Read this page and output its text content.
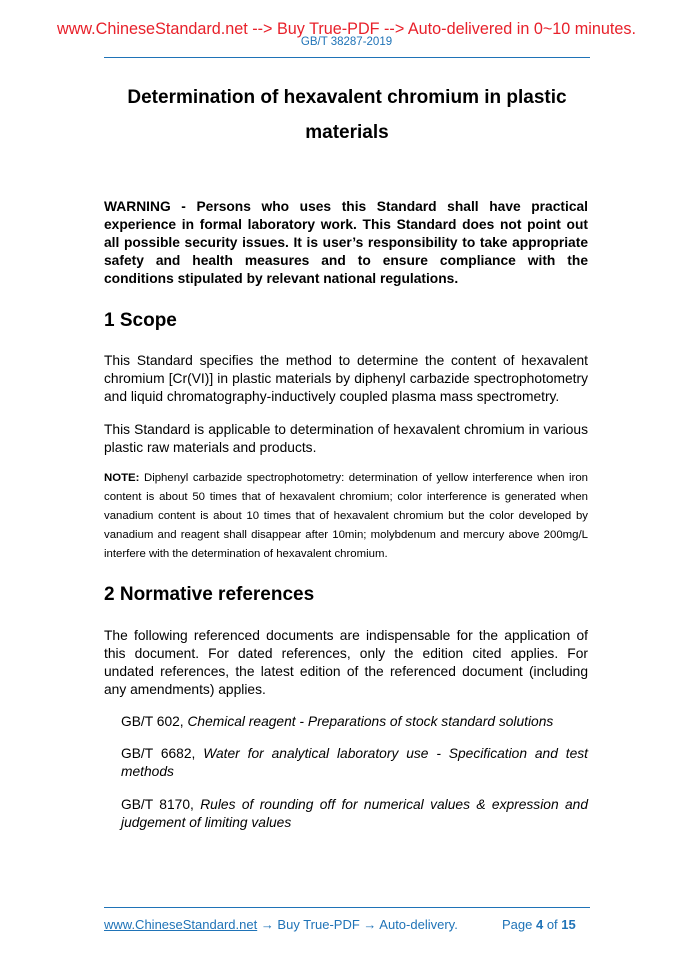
www.ChineseStandard.net --> Buy True-PDF --> Auto-delivered in 0~10 minutes.
GB/T 38287-2019
Determination of hexavalent chromium in plastic
materials
WARNING - Persons who uses this Standard shall have practical experience in formal laboratory work. This Standard does not point out all possible security issues. It is user’s responsibility to take appropriate safety and health measures and to ensure compliance with the conditions stipulated by relevant national regulations.
1 Scope
This Standard specifies the method to determine the content of hexavalent chromium [Cr(VI)] in plastic materials by diphenyl carbazide spectrophotometry and liquid chromatography-inductively coupled plasma mass spectrometry.
This Standard is applicable to determination of hexavalent chromium in various plastic raw materials and products.
NOTE: Diphenyl carbazide spectrophotometry: determination of yellow interference when iron content is about 50 times that of hexavalent chromium; color interference is generated when vanadium content is about 10 times that of hexavalent chromium but the color developed by vanadium and reagent shall disappear after 10min; molybdenum and mercury above 200mg/L interfere with the determination of hexavalent chromium.
2 Normative references
The following referenced documents are indispensable for the application of this document. For dated references, only the edition cited applies. For undated references, the latest edition of the referenced document (including any amendments) applies.
GB/T 602, Chemical reagent - Preparations of stock standard solutions
GB/T 6682, Water for analytical laboratory use - Specification and test methods
GB/T 8170, Rules of rounding off for numerical values & expression and judgement of limiting values
www.ChineseStandard.net → Buy True-PDF → Auto-delivery.	Page 4 of 15
